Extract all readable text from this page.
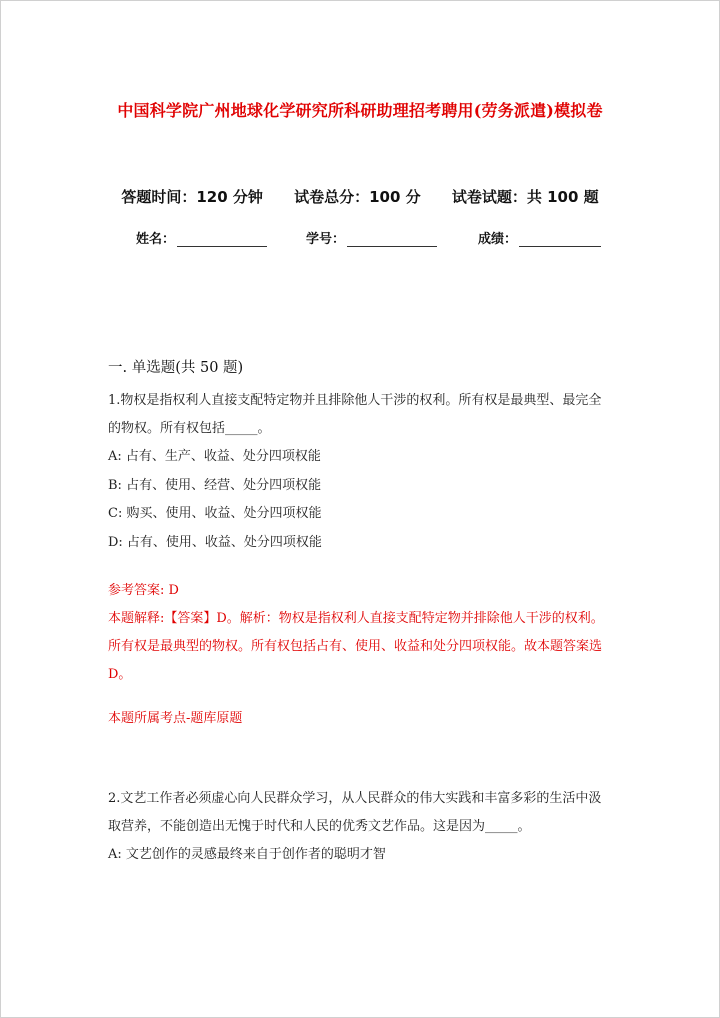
中国科学院广州地球化学研究所科研助理招考聘用(劳务派遣)模拟卷
答题时间：120 分钟 试卷总分：100 分 试卷试题：共 100 题
姓名：	学号：	成绩：
一. 单选题(共 50 题)

1.物权是指权利人直接支配特定物并且排除他人干涉的权利。所有权是最典型、最完全的物权。所有权包括_____。

A: 占有、生产、收益、处分四项权能

B: 占有、使用、经营、处分四项权能

C: 购买、使用、收益、处分四项权能

D: 占有、使用、收益、处分四项权能

参考答案: D

本题解释:【答案】D。解析：物权是指权利人直接支配特定物并排除他人干涉的权利。所有权是最典型的物权。所有权包括占有、使用、收益和处分四项权能。故本题答案选 D。

本题所属考点-题库原题

2.文艺工作者必须虚心向人民群众学习，从人民群众的伟大实践和丰富多彩的生活中汲取营养，不能创造出无愧于时代和人民的优秀文艺作品。这是因为_____。

A: 文艺创作的灵感最终来自于创作者的聪明才智
